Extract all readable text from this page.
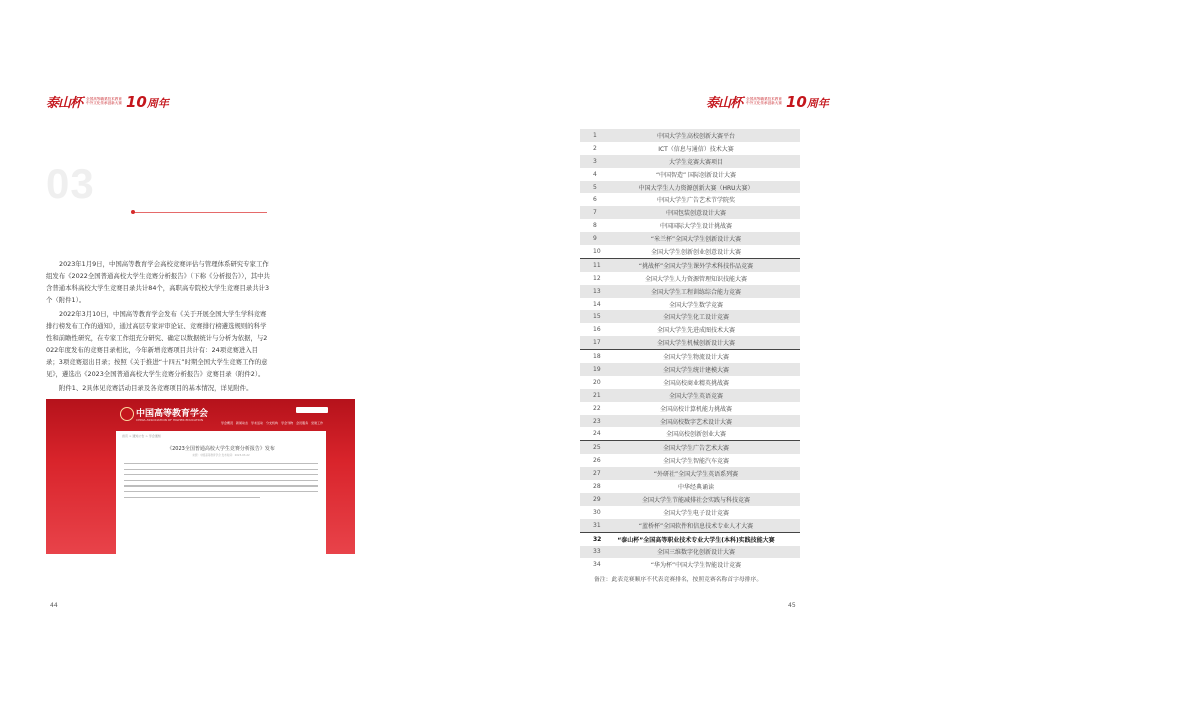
泰山杯 全国高等職業技术教育
中外文化传承创新大赛 10周年
03

2023年1月9日，中国高等教育学会高校竞赛评估与管理体系研究专家工作组发布《2022全国普通高校大学生竞赛分析报告》（下称《分析报告》），其中共含普通本科高校大学生竞赛目录共计84个，高职高专院校大学生竞赛目录共计3个（附件1）。

2022年3月10日，中国高等教育学会发布《关于开展全国大学生学科竞赛排行榜发布工作的通知》，通过高层专家评审论证、竞赛排行榜遴选规则的科学性和前瞻性研究，在专家工作组充分研究、确定以数据统计与分析为依据，与2022年度发布的竞赛目录相比，今年新增竞赛项目共计有：24项竞赛进入目录；3项竞赛退出目录；按照《关于推进“十四五”时期全国大学生竞赛工作的意见》，遴选出《2023全国普通高校大学生竞赛分析报告》竞赛目录（附件2）。

附件1、2具体见竞赛活动目录及各竞赛项目的基本情况，详见附件。

中国高等教育学会
CHINA ASSOCIATION OF HIGHER EDUCATION
学会概况 新闻动态 学术活动 分支机构 学会刊物 会员服务 党建工作
首页 > 通知公告 > 学会通知
《2023全国普通高校大学生竞赛分析报告》发布
来源：中国高等教育学会 发布时间：2023-03-22
44
泰山杯 全国高等職業技术教育
中外文化传承创新大赛 10周年
45
1	中国大学生高校创新大赛平台
2	ICT（信息与通信）技术大赛
3	大学生竞赛大赛项目
4	“中国智造” 国际创新设计大赛
5	中国大学生人力资源创新大赛（HRU大赛）
6	中国大学生广告艺术节学院奖
7	中国包装创意设计大赛
8	中国国际大学生设计挑战赛
9	“米兰杯”全国大学生创新设计大赛
10	全国大学生创新创业创意设计大赛
11	“挑战杯”全国大学生课外学术科技作品竞赛
12	全国大学生人力资源管理知识技能大赛
13	全国大学生工程训练综合能力竞赛
14	全国大学生数学竞赛
15	全国大学生化工设计竞赛
16	全国大学生先进成图技术大赛
17	全国大学生机械创新设计大赛
18	全国大学生物流设计大赛
19	全国大学生统计建模大赛
20	全国高校商业精英挑战赛
21	全国大学生英语竞赛
22	全国高校计算机能力挑战赛
23	全国高校数字艺术设计大赛
24	全国高校创新创业大赛
25	全国大学生广告艺术大赛
26	全国大学生智能汽车竞赛
27	“外研社”全国大学生英语系列赛
28	中华经典诵读
29	全国大学生节能减排社会实践与科技竞赛
30	全国大学生电子设计竞赛
31	“蓝桥杯”全国软件和信息技术专业人才大赛
32	“泰山杯”全国高等职业技术专业大学生(本科)实践技能大赛
33	全国三维数字化创新设计大赛
34	“华为杯”中国大学生智能设计竞赛
备注：此表竞赛顺序不代表竞赛排名，按照竞赛名称首字母排序。
